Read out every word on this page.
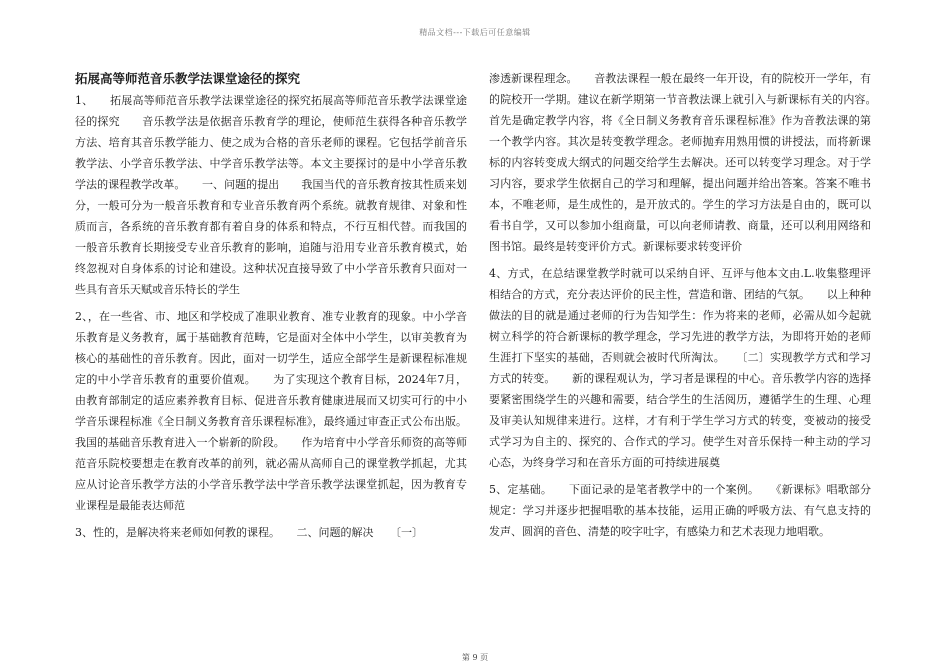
精品文档---下载后可任意编辑
拓展高等师范音乐教学法课堂途径的探究

1、　　拓展高等师范音乐教学法课堂途径的探究拓展高等师范音乐教学法课堂途径的探究　　音乐教学法是依据音乐教育学的理论，使师范生获得各种音乐教学方法、培育其音乐教学能力、使之成为合格的音乐老师的课程。它包括学前音乐教学法、小学音乐教学法、中学音乐教学法等。本文主要探讨的是中小学音乐教学法的课程教学改革。　　一、问题的提出　　我国当代的音乐教育按其性质来划分，一般可分为一般音乐教育和专业音乐教育两个系统。就教育规律、对象和性质而言，各系统的音乐教育都有着自身的体系和特点，不行互相代替。而我国的一般音乐教育长期接受专业音乐教育的影响，追随与沿用专业音乐教育模式，始终忽视对自身体系的讨论和建设。这种状况直接导致了中小学音乐教育只面对一些具有音乐天赋或音乐特长的学生

2、，在一些省、市、地区和学校成了准职业教育、准专业教育的现象。中小学音乐教育是义务教育，属于基础教育范畴，它是面对全体中小学生，以审美教育为核心的基础性的音乐教育。因此，面对一切学生，适应全部学生是新课程标准规定的中小学音乐教育的重要价值观。　　为了实现这个教育目标，2024年7月，由教育部制定的适应素养教育目标、促进音乐教育健康进展而又切实可行的中小学音乐课程标准《全日制义务教育音乐课程标准》，最终通过审查正式公布出版。我国的基础音乐教育进入一个崭新的阶段。　　作为培育中小学音乐师资的高等师范音乐院校要想走在教育改革的前列，就必需从高师自己的课堂教学抓起，尤其应从讨论音乐教学方法的小学音乐教学法中学音乐教学法课堂抓起，因为教育专业课程是最能表达师范

3、性的，是解决将来老师如何教的课程。　　二、问题的解决　　〔一〕

渗透新课程理念。　　音教法课程一般在最终一年开设，有的院校开一学年，有的院校开一学期。建议在新学期第一节音教法课上就引入与新课标有关的内容。　　首先是确定教学内容，将《全日制义务教育音乐课程标准》作为音教法课的第一个教学内容。其次是转变教学理念。老师抛弃用熟用惯的讲授法，而将新课标的内容转变成大纲式的问题交给学生去解决。还可以转变学习理念。对于学习内容，要求学生依据自己的学习和理解，提出问题并给出答案。答案不唯书本，不唯老师，是生成性的，是开放式的。学生的学习方法是自由的，既可以看书自学，又可以参加小组商量，可以向老师请教、商量，还可以利用网络和图书馆。最终是转变评价方式。新课标要求转变评价

4、方式，在总结课堂教学时就可以采纳自评、互评与他本文由.L.收集整理评相结合的方式，充分表达评价的民主性，营造和谐、团结的气氛。　　以上种种做法的目的就是通过老师的行为告知学生：作为将来的老师，必需从如今起就树立科学的符合新课标的教学理念，学习先进的教学方法，为即将开始的老师生涯打下坚实的基础，否则就会被时代所淘汰。　　〔二〕实现教学方式和学习方式的转变。　　新的课程观认为，学习者是课程的中心。音乐教学内容的选择要紧密围绕学生的兴趣和需要，结合学生的生活阅历，遵循学生的生理、心理及审美认知规律来进行。这样，才有利于学生学习方式的转变，变被动的接受式学习为自主的、探究的、合作式的学习。使学生对音乐保持一种主动的学习心态，为终身学习和在音乐方面的可持续进展奠

5、定基础。　　下面记录的是笔者教学中的一个案例。　　《新课标》唱歌部分规定：学习并逐步把握唱歌的基本技能，运用正确的呼吸方法、有气息支持的发声、圆润的音色、清楚的咬字吐字，有感染力和艺术表现力地唱歌。

第 9 页
